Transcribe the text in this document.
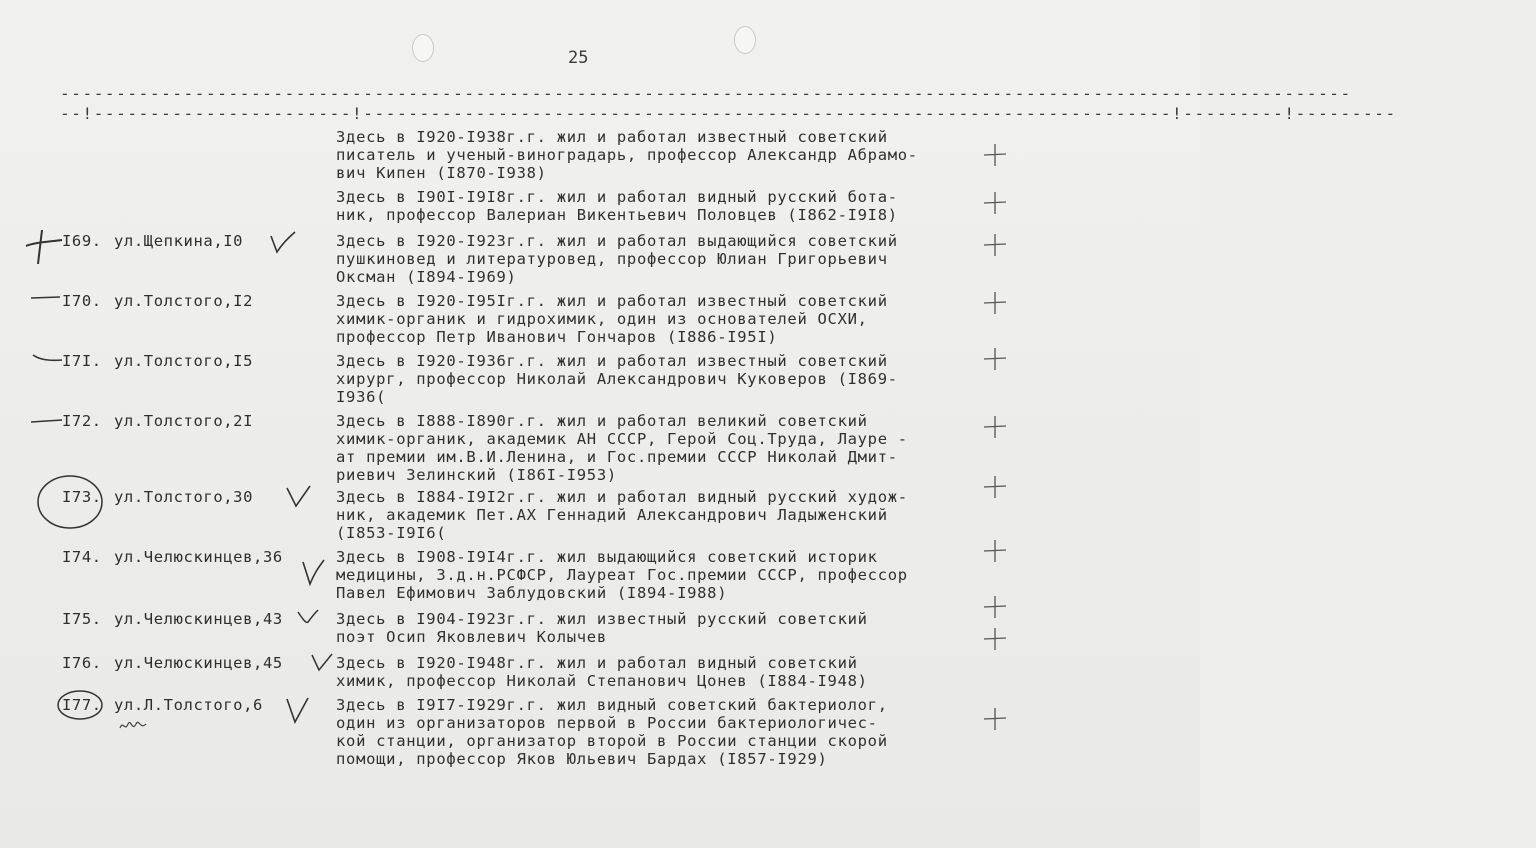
25
-------------------------------------------------------------------------------------------------------------------
--!-----------------------!------------------------------------------------------------------------!---------!---------
Здесь в I920-I938г.г. жил и работал известный советский
писатель и ученый-виноградарь, профессор Александр Абрамо-
вич Кипен (I870-I938)
Здесь в I90I-I9I8г.г. жил и работал видный русский бота-
ник, профессор Валериан Викентьевич Половцев (I862-I9I8)
I69. ул.Щепкина,I0	Здесь в I920-I923г.г. жил и работал выдающийся советский
пушкиновед и литературовед, профессор Юлиан Григорьевич
Оксман (I894-I969)
I70. ул.Толстого,I2	Здесь в I920-I95Iг.г. жил и работал известный советский
химик-органик и гидрохимик, один из основателей ОСХИ,
профессор Петр Иванович Гончаров (I886-I95I)
I7I. ул.Толстого,I5	Здесь в I920-I936г.г. жил и работал известный советский
хирург, профессор Николай Александрович Куковеров (I869-
I936(
I72. ул.Толстого,2I	Здесь в I888-I890г.г. жил и работал великий советский
химик-органик, академик АН СССР, Герой Соц.Труда, Лауре -
ат премии им.В.И.Ленина, и Гос.премии СССР Николай Дмит-
риевич Зелинский (I86I-I953)
I73. ул.Толстого,30	Здесь в I884-I9I2г.г. жил и работал видный русский худож-
ник, академик Пет.АХ Геннадий Александрович Ладыженский
(I853-I9I6(
I74. ул.Челюскинцев,36	Здесь в I908-I9I4г.г. жил выдающийся советский историк
медицины, З.д.н.РСФСР, Лауреат Гос.премии СССР, профессор
Павел Ефимович Заблудовский (I894-I988)
I75. ул.Челюскинцев,43	Здесь в I904-I923г.г. жил известный русский советский
поэт Осип Яковлевич Колычев
I76. ул.Челюскинцев,45	Здесь в I920-I948г.г. жил и работал видный советский
химик, профессор Николай Степанович Цонев (I884-I948)
I77. ул.Л.Толстого,6	Здесь в I9I7-I929г.г. жил видный советский бактериолог,
один из организаторов первой в России бактериологичес-
кой станции, организатор второй в России станции скорой
помощи, профессор Яков Юльевич Бардах (I857-I929)
